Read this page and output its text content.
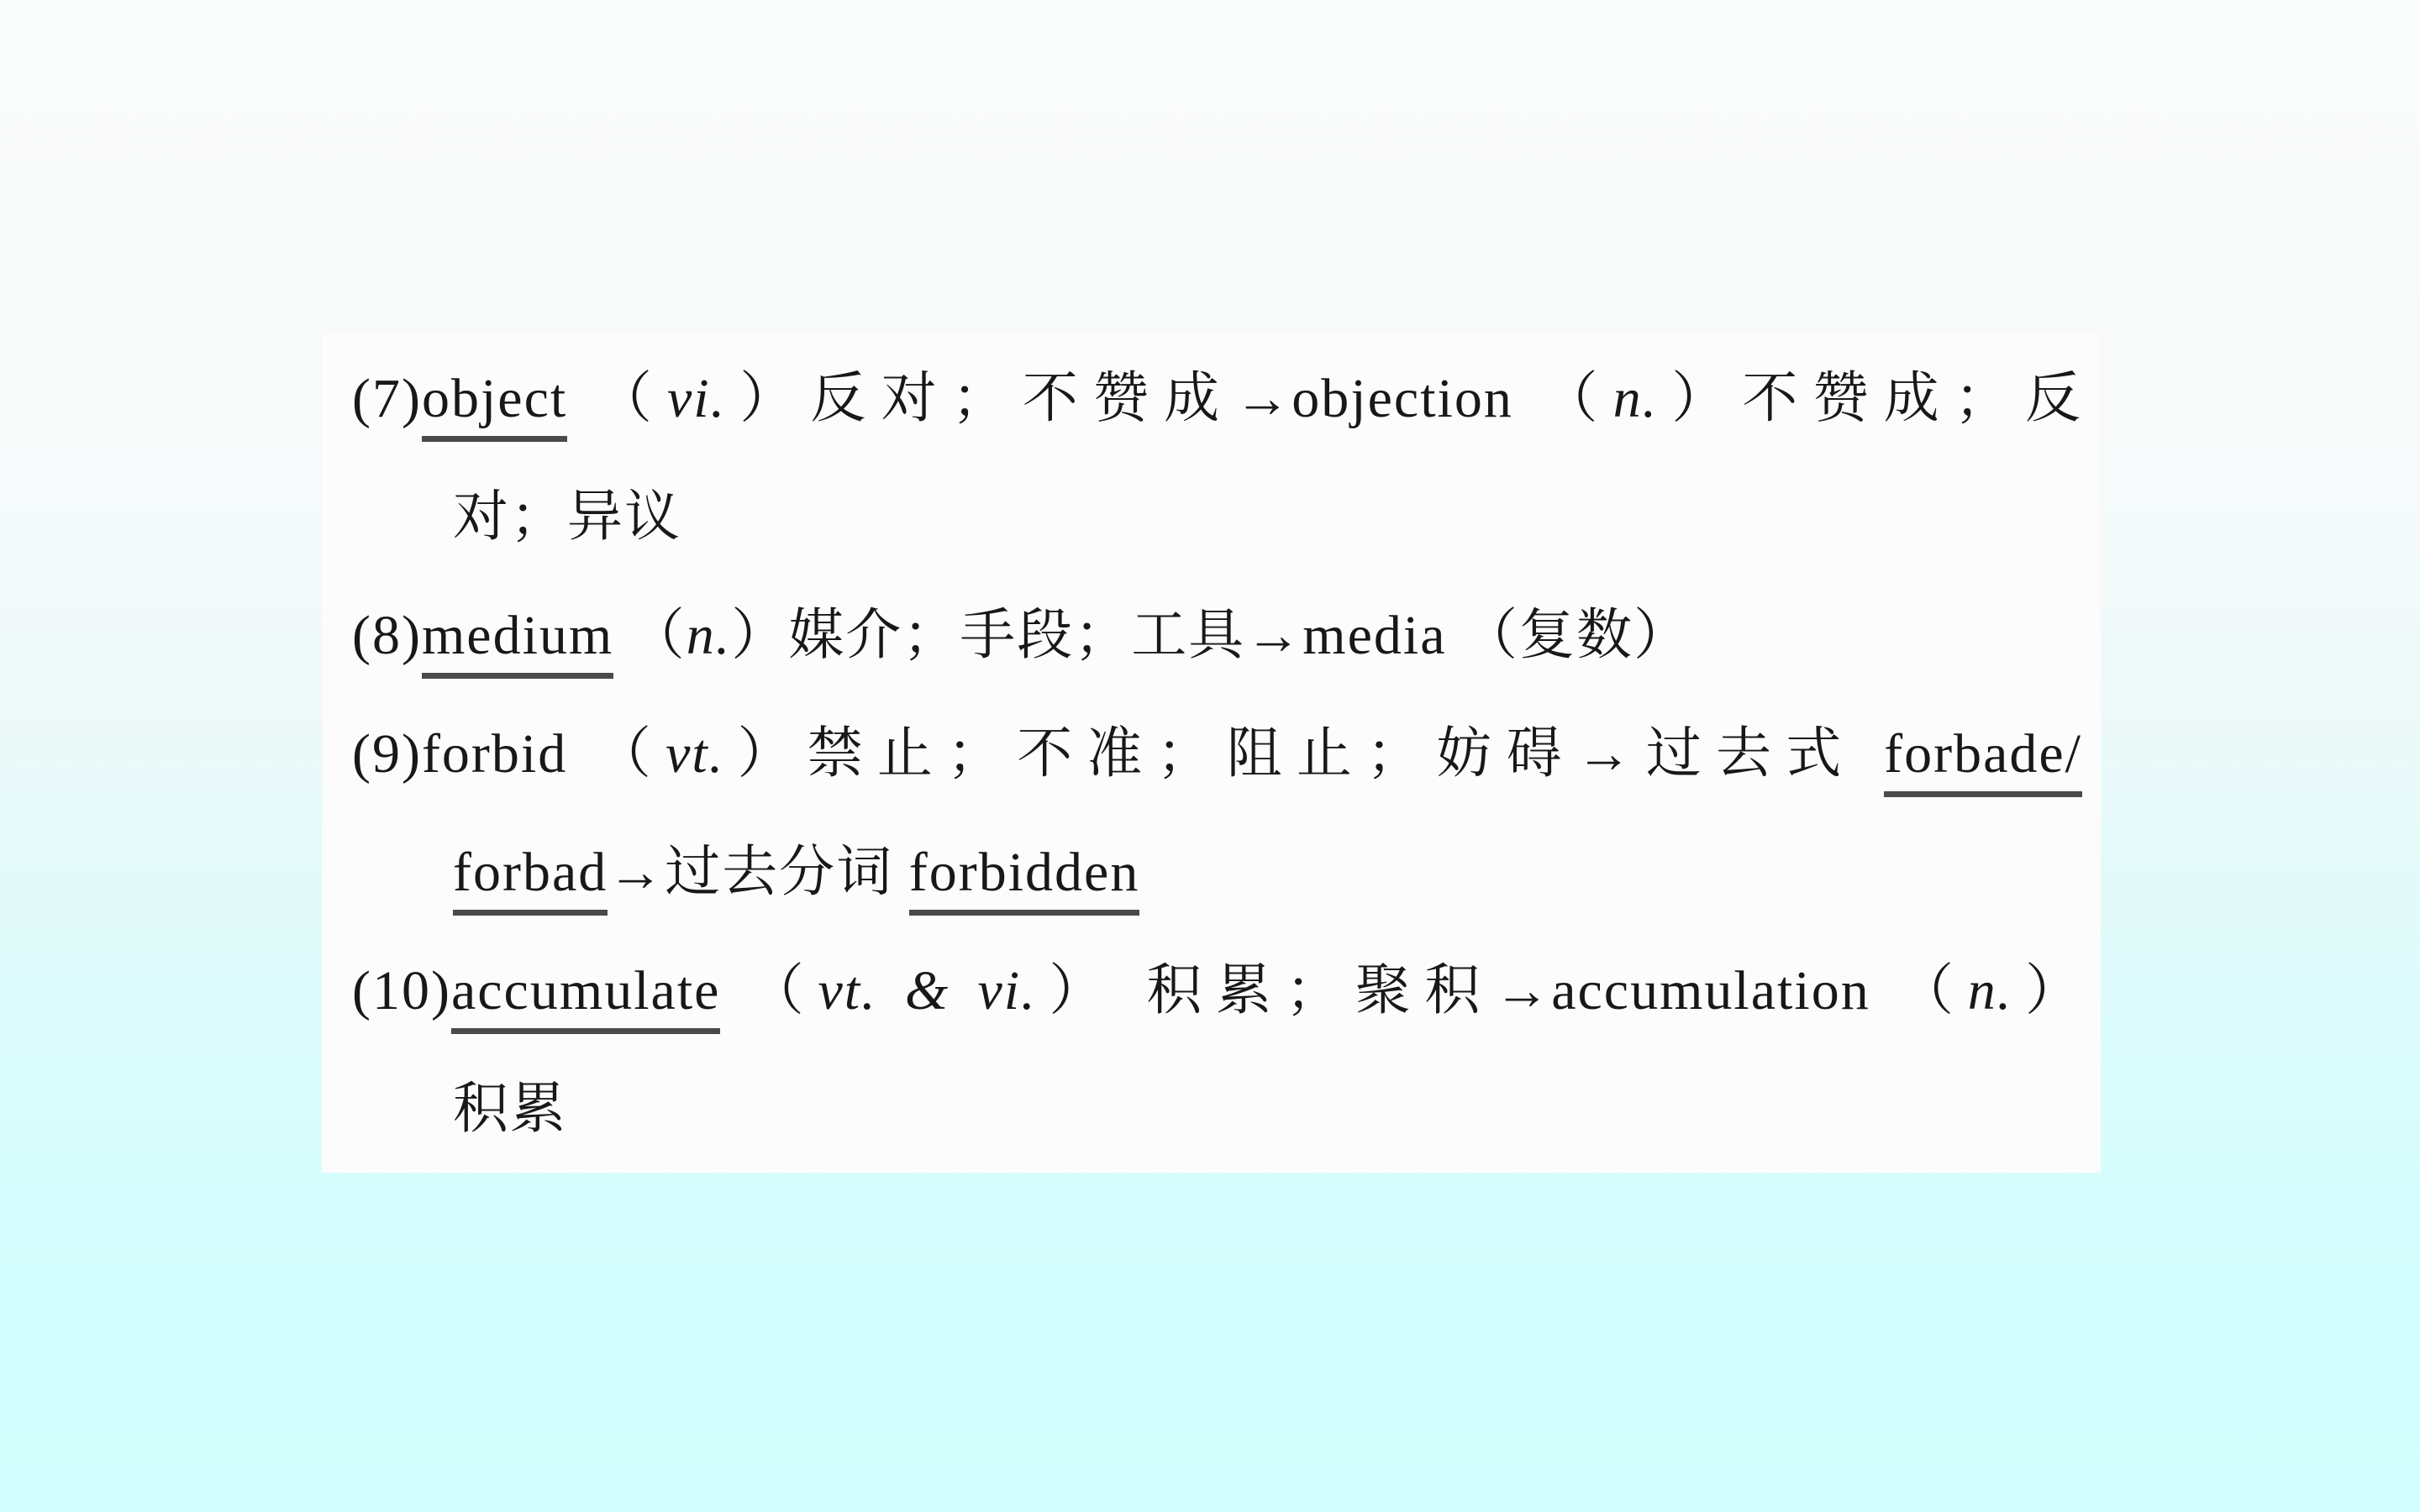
(7)object （vi.）反对；不赞成→objection （n.）不赞成；反
对；异议
(8)medium （n.）媒介；手段；工具→media （复数）
(9)forbid （vt.）禁止；不准；阻止；妨碍→过去式 forbade/
forbad→过去分词 forbidden
(10)accumulate （vt. & vi.） 积累；聚积→accumulation （n.）
积累
